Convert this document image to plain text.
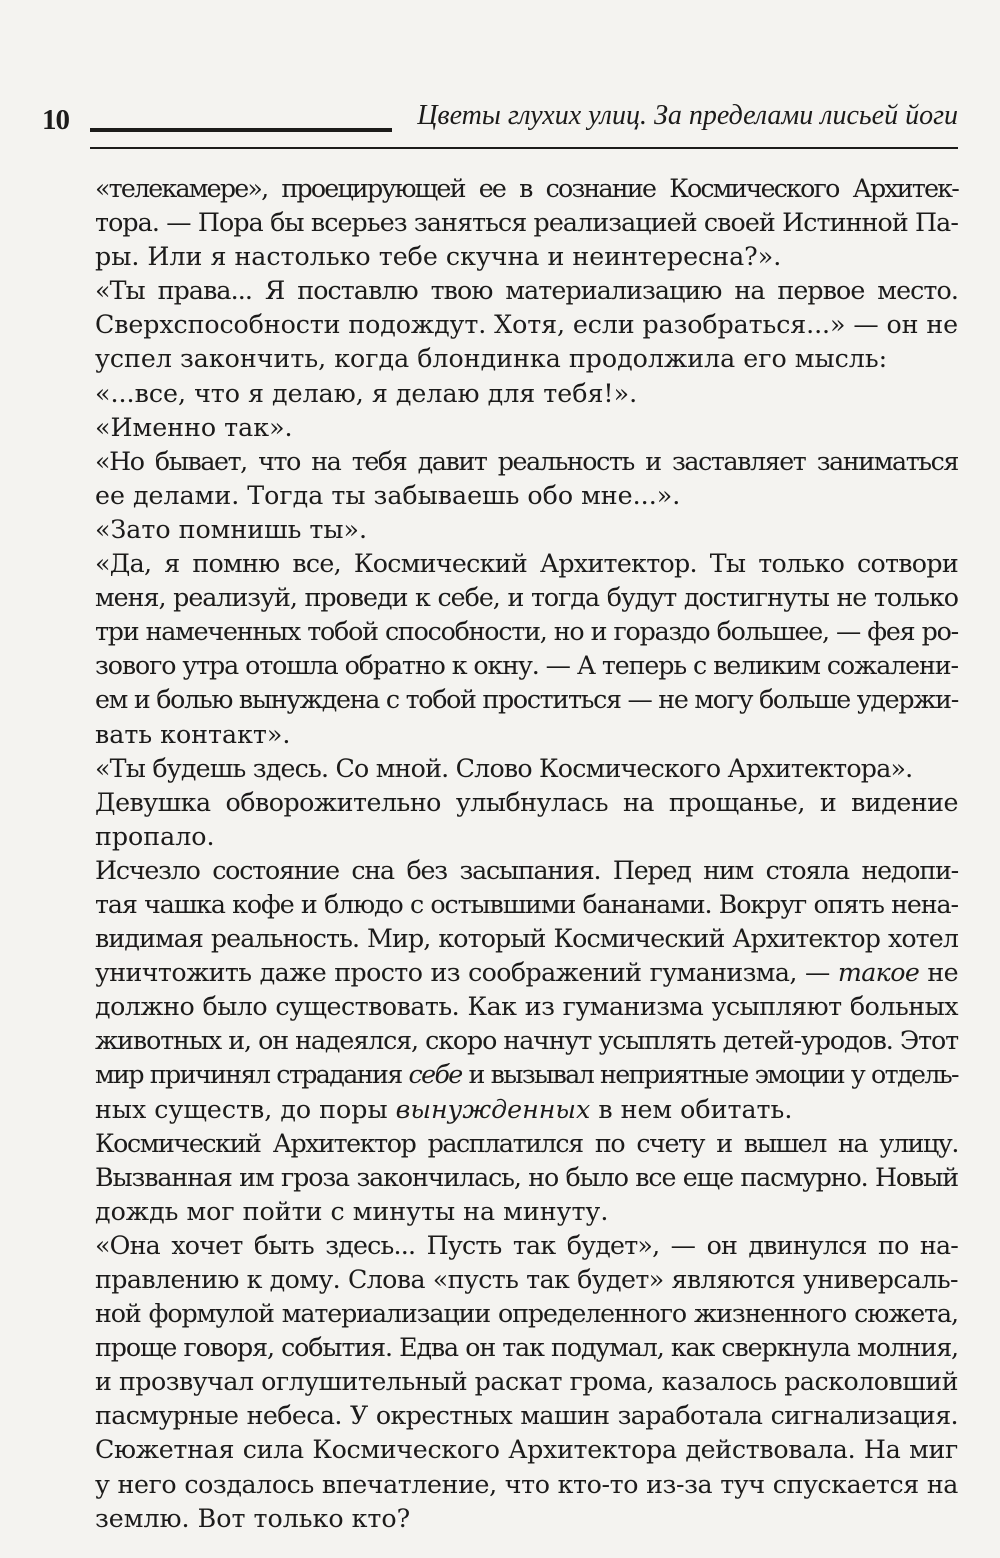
10	Цветы глухих улиц. За пределами лисьей йоги

«телекамере», проецирующей ее в сознание Космического Архитек-
тора. — Пора бы всерьез заняться реализацией своей Истинной Па-
ры. Или я настолько тебе скучна и неинтересна?».

«Ты права... Я поставлю твою материализацию на первое место.
Сверхспособности подождут. Хотя, если разобраться...» — он не
успел закончить, когда блондинка продолжила его мысль:

«...все, что я делаю, я делаю для тебя!».

«Именно так».

«Но бывает, что на тебя давит реальность и заставляет заниматься
ее делами. Тогда ты забываешь обо мне...».

«Зато помнишь ты».

«Да, я помню все, Космический Архитектор. Ты только сотвори
меня, реализуй, проведи к себе, и тогда будут достигнуты не только
три намеченных тобой способности, но и гораздо большее, — фея ро-
зового утра отошла обратно к окну. — А теперь с великим сожалени-
ем и болью вынуждена с тобой проститься — не могу больше удержи-
вать контакт».

«Ты будешь здесь. Со мной. Слово Космического Архитектора».

Девушка обворожительно улыбнулась на прощанье, и видение
пропало.

Исчезло состояние сна без засыпания. Перед ним стояла недопи-
тая чашка кофе и блюдо с остывшими бананами. Вокруг опять нена-
видимая реальность. Мир, который Космический Архитектор хотел
уничтожить даже просто из соображений гуманизма, — такое не
должно было существовать. Как из гуманизма усыпляют больных
животных и, он надеялся, скоро начнут усыплять детей-уродов. Этот
мир причинял страдания себе и вызывал неприятные эмоции у отдель-
ных существ, до поры вынужденных в нем обитать.

Космический Архитектор расплатился по счету и вышел на улицу.
Вызванная им гроза закончилась, но было все еще пасмурно. Новый
дождь мог пойти с минуты на минуту.

«Она хочет быть здесь... Пусть так будет», — он двинулся по на-
правлению к дому. Слова «пусть так будет» являются универсаль-
ной формулой материализации определенного жизненного сюжета,
проще говоря, события. Едва он так подумал, как сверкнула молния,
и прозвучал оглушительный раскат грома, казалось расколовший
пасмурные небеса. У окрестных машин заработала сигнализация.
Сюжетная сила Космического Архитектора действовала. На миг
у него создалось впечатление, что кто-то из-за туч спускается на
землю. Вот только кто?
